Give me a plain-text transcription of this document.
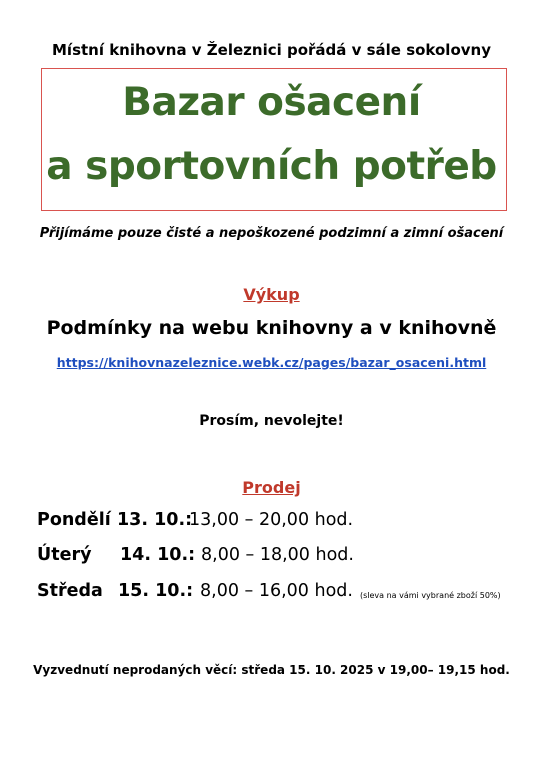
Místní knihovna v Železnici pořádá v sále sokolovny
Bazar ošacení
a sportovních potřeb
Přijímáme pouze čisté a nepoškozené podzimní a zimní ošacení
Výkup
Podmínky na webu knihovny a v knihovně
https://knihovnazeleznice.webk.cz/pages/bazar_osaceni.html
Prosím, nevolejte!
Prodej
Pondělí 13. 10.:
13,00 – 20,00 hod.
Úterý 14. 10.: 8,00 – 18,00 hod.
Středa 15. 10.: 8,00 – 16,00 hod. (sleva na vámi vybrané zboží 50%)
Vyzvednutí neprodaných věcí: středa 15. 10. 2025 v 19,00– 19,15 hod.
